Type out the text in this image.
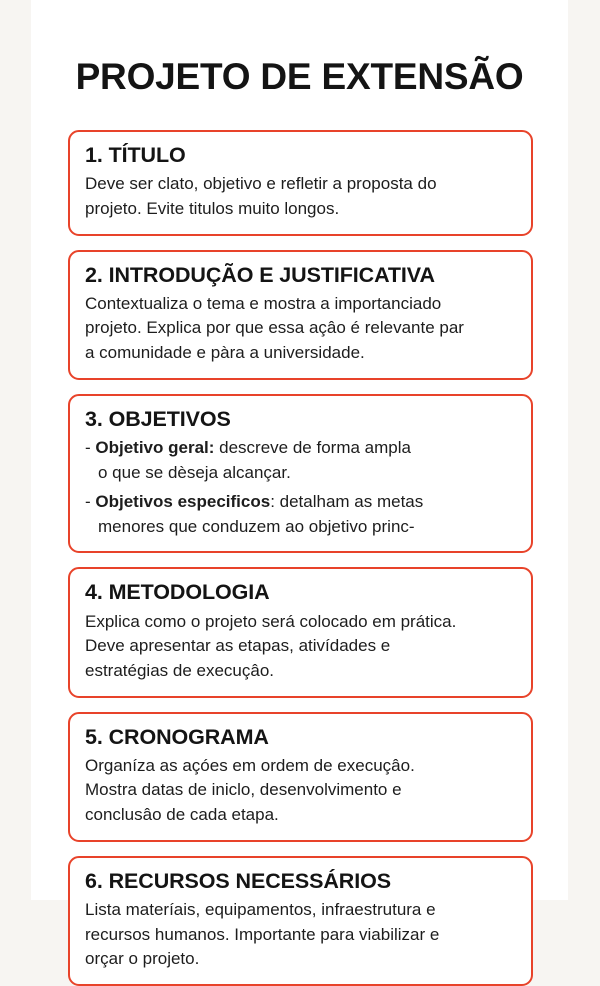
PROJETO DE EXTENSÃO
1. TÍTULO

Deve ser clato, objetivo e refletir a proposta do
projeto. Evite titulos muito longos.

2. INTRODUÇÃO E JUSTIFICATIVA

Contextualiza o tema e mostra a importanciado
projeto. Explica por que essa açâo é relevante par
a comunidade e pàra a universidade.

3. OBJETIVOS
- Objetivo geral: descreve de forma ampla
o que se dèseja alcançar.
- Objetivos especificos: detalham as metas
menores que conduzem ao objetivo princ-
4. METODOLOGIA

Explica como o projeto será colocado em prática.
Deve apresentar as etapas, ativídades e
estratégias de execuçâo.

5. CRONOGRAMA

Organíza as açóes em ordem de execuçâo.
Mostra datas de iniclo, desenvolvimento e
conclusâo de cada etapa.

6. RECURSOS NECESSÁRIOS

Lista materíais, equipamentos, infraestrutura e
recursos humanos. Importante para viabilizar e
orçar o projeto.
